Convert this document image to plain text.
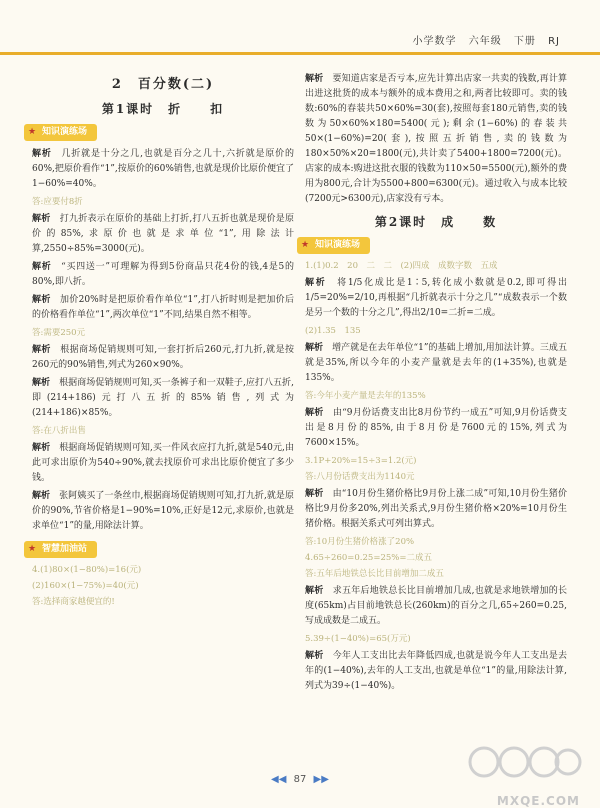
小学数学 六年级 下册 RJ
2　百分数(二)
第1课时　折　　扣
★ 知识演练场
解析　 几折就是十分之几,也就是百分之几十,六折就是原价的60%,把原价看作“1”,按原价的60%销售,也就是现价比原价便宜了1−60%=40%。
答:应要付8折
解析　 打九折表示在原价的基础上打折,打八五折也就是现价是原价的85%,求原价也就是求单位“1”,用除法计算,2550÷85%=3000(元)。
解析　 “买四送一”可理解为得到5份商品只花4份的钱,4是5的80%,即八折。
解析　 加价20%时是把原价看作单位“1”,打八折时则是把加价后的价格看作单位“1”,两次单位“1”不同,结果自然不相等。
答:需要250元
解析　 根据商场促销规则可知,一套打折后260元,打九折,就是按260元的90%销售,列式为260×90%。
解析　 根据商场促销规则可知,买一条裤子和一双鞋子,应打八五折,即(214+186)元打八五折的85%销售,列式为(214+186)×85%。
答:在八折出售
解析　 根据商场促销规则可知,买一件风衣应打九折,就是540元,由此可求出原价为540÷90%,就去找原价可求出比原价便宜了多少钱。
解析　 张阿姨买了一条丝巾,根据商场促销规则可知,打九折,就是原价的90%,节省价格是1−90%=10%,正好是12元,求原价,也就是求单位“1”的量,用除法计算。
★ 智慧加油站
4.(1)80×(1−80%)=16(元)
(2)160×(1−75%)=40(元)
答:选择商家越便宜的!
解析　 要知道店家是否亏本,应先计算出店家一共卖的钱数,再计算出进这批货的成本与额外的成本费用之和,两者比较即可。卖的钱数:60%的春装共50×60%=30(套),按照每套180元销售,卖的钱数为50×60%×180=5400(元);剩余(1−60%)的春装共50×(1−60%)=20(套),按照五折销售,卖的钱数为180×50%×20=1800(元),共计卖了5400+1800=7200(元)。店家的成本:购进这批衣服的钱数为110×50=5500(元),额外的费用为800元,合计为5500+800=6300(元)。通过收入与成本比较(7200元>6300元),店家没有亏本。
第2课时　成　　数
★ 知识演练场
1.(1)0.2　20　二　二　(2)四成　成数字数　五成
解析　 将1/5化成比是1∶5,转化成小数就是0.2,即可得出1/5=20%=2/10,再根据“几折就表示十分之几”“成数表示一个数是另一个数的十分之几”,得出2/10=二折=二成。
(2)1.35　135
解析　 增产就是在去年单位“1”的基础上增加,用加法计算。三成五就是35%,所以今年的小麦产量就是去年的(1+35%),也就是135%。
答:今年小麦产量是去年的135%
解析　 由“9月份话费支出比8月份节约一成五”可知,9月份话费支出是8月份的85%,由于8月份是7600元的15%,列式为7600×15%。
3.1P+20%=15÷3=1.2(元)
答:八月份话费支出为1140元
解析　 由“10月份生猪价格比9月份上涨二成”可知,10月份生猪价格比9月份多20%,列出关系式,9月份生猪价格×20%=10月份生猪价格。根据关系式可列出算式。
答:10月份生猪价格涨了20%
4.65÷260=0.25=25%=二成五
答:五年后地铁总长比目前增加二成五
解析　 求五年后地铁总长比目前增加几成,也就是求地铁增加的长度(65km)占目前地铁总长(260km)的百分之几,65÷260=0.25,写成成数是二成五。
5.39÷(1−40%)=65(万元)
解析　 今年人工支出比去年降低四成,也就是说今年人工支出是去年的(1−40%),去年的人工支出,也就是单位“1”的量,用除法计算,列式为39÷(1−40%)。
◀◀ 87 ▶▶
MXQE.COM
